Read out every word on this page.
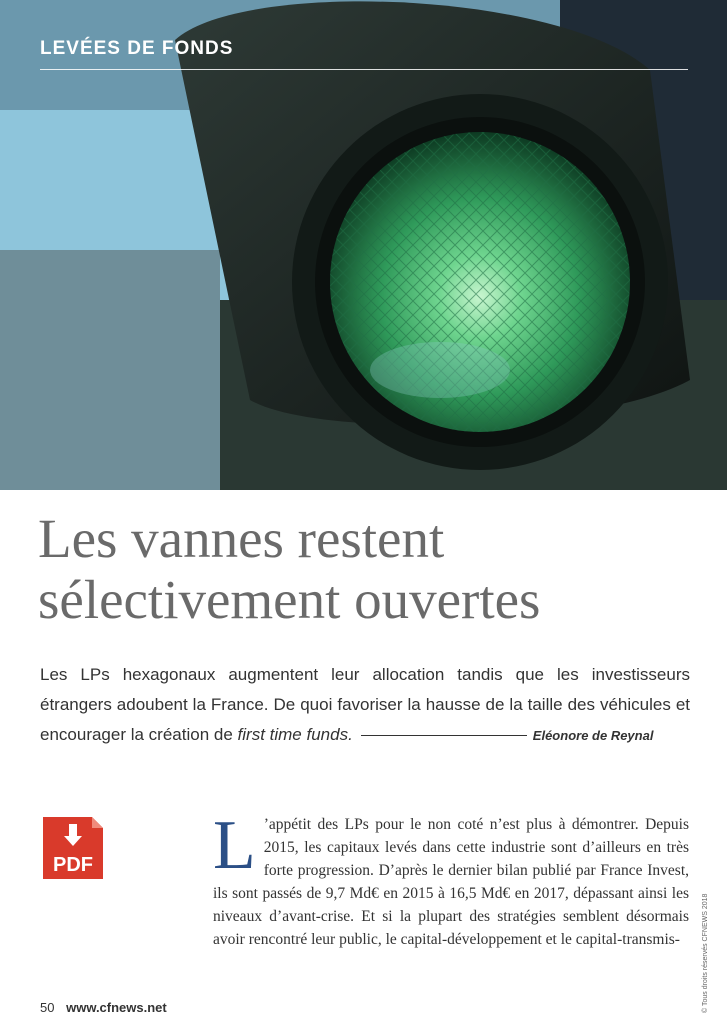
LEVÉES DE FONDS
Les vannes restent
sélectivement ouvertes

Les LPs hexagonaux augmentent leur allocation tandis que les investisseurs étrangers adoubent la France. De quoi favoriser la hausse de la taille des véhicules et encourager la création de first time funds.	Eléonore de Reynal

PDF L ’appétit des LPs pour le non coté n’est plus à démontrer. Depuis 2015, les capitaux levés dans cette industrie sont d’ailleurs en très forte progression. D’après le dernier bilan publié par France Invest, ils sont passés de 9,7 Md€ en 2015 à 16,5 Md€ en 2017, dépassant ainsi les niveaux d’avant-crise. Et si la plupart des stratégies semblent désormais avoir rencontré leur public, le capital-développement et le capital-transmis-	© Tous droits réservés CFNEWS 2018
50 www.cfnews.net
